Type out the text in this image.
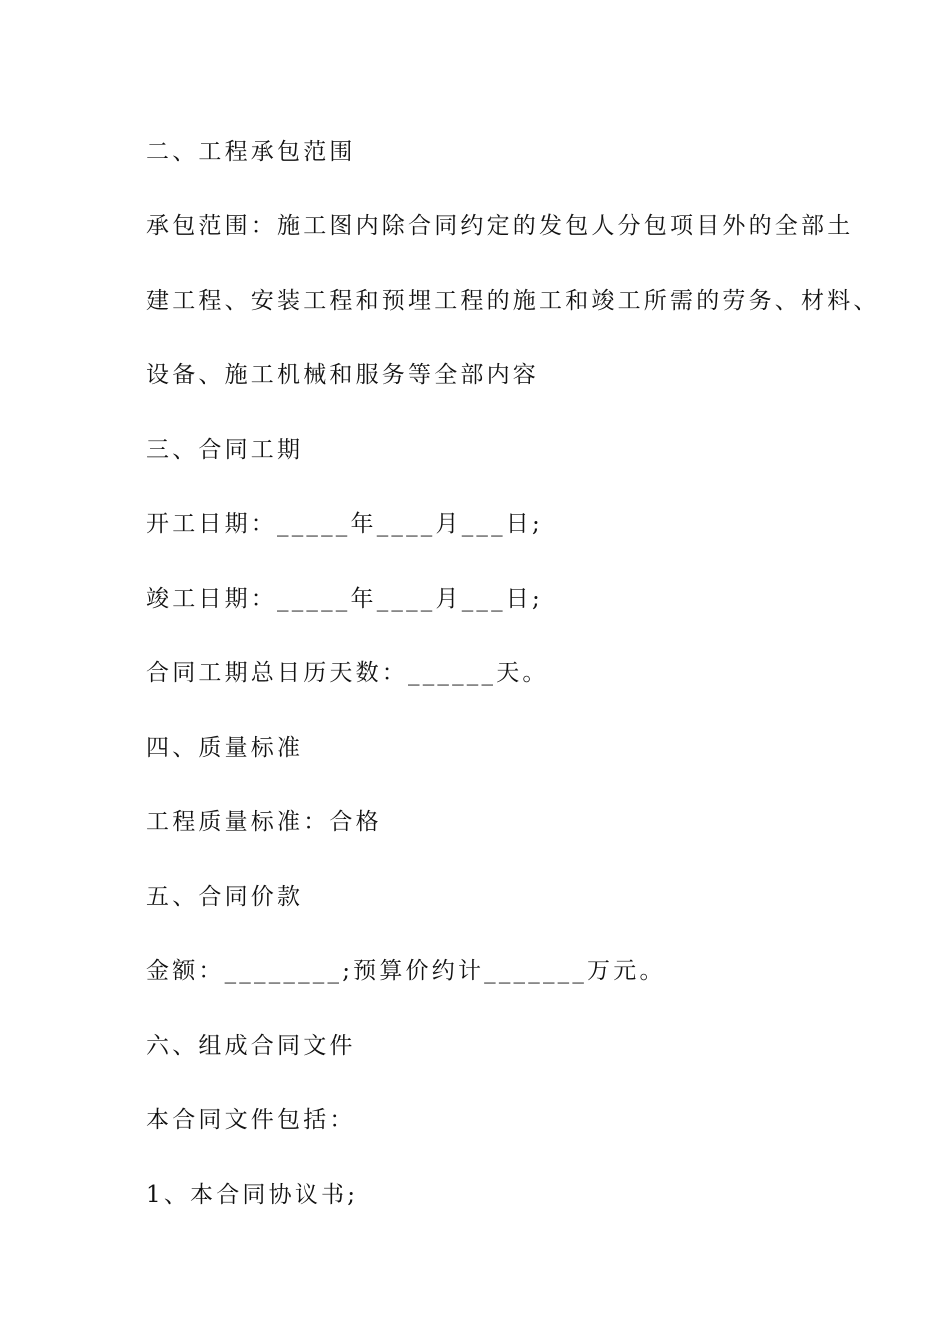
二、工程承包范围
承包范围：施工图内除合同约定的发包人分包项目外的全部土
建工程、安装工程和预埋工程的施工和竣工所需的劳务、材料、
设备、施工机械和服务等全部内容
三、合同工期
开工日期：_____年____月___日;
竣工日期：_____年____月___日;
合同工期总日历天数：______天。
四、质量标准
工程质量标准：合格
五、合同价款
金额：________;预算价约计_______万元。
六、组成合同文件
本合同文件包括：
1、本合同协议书;
